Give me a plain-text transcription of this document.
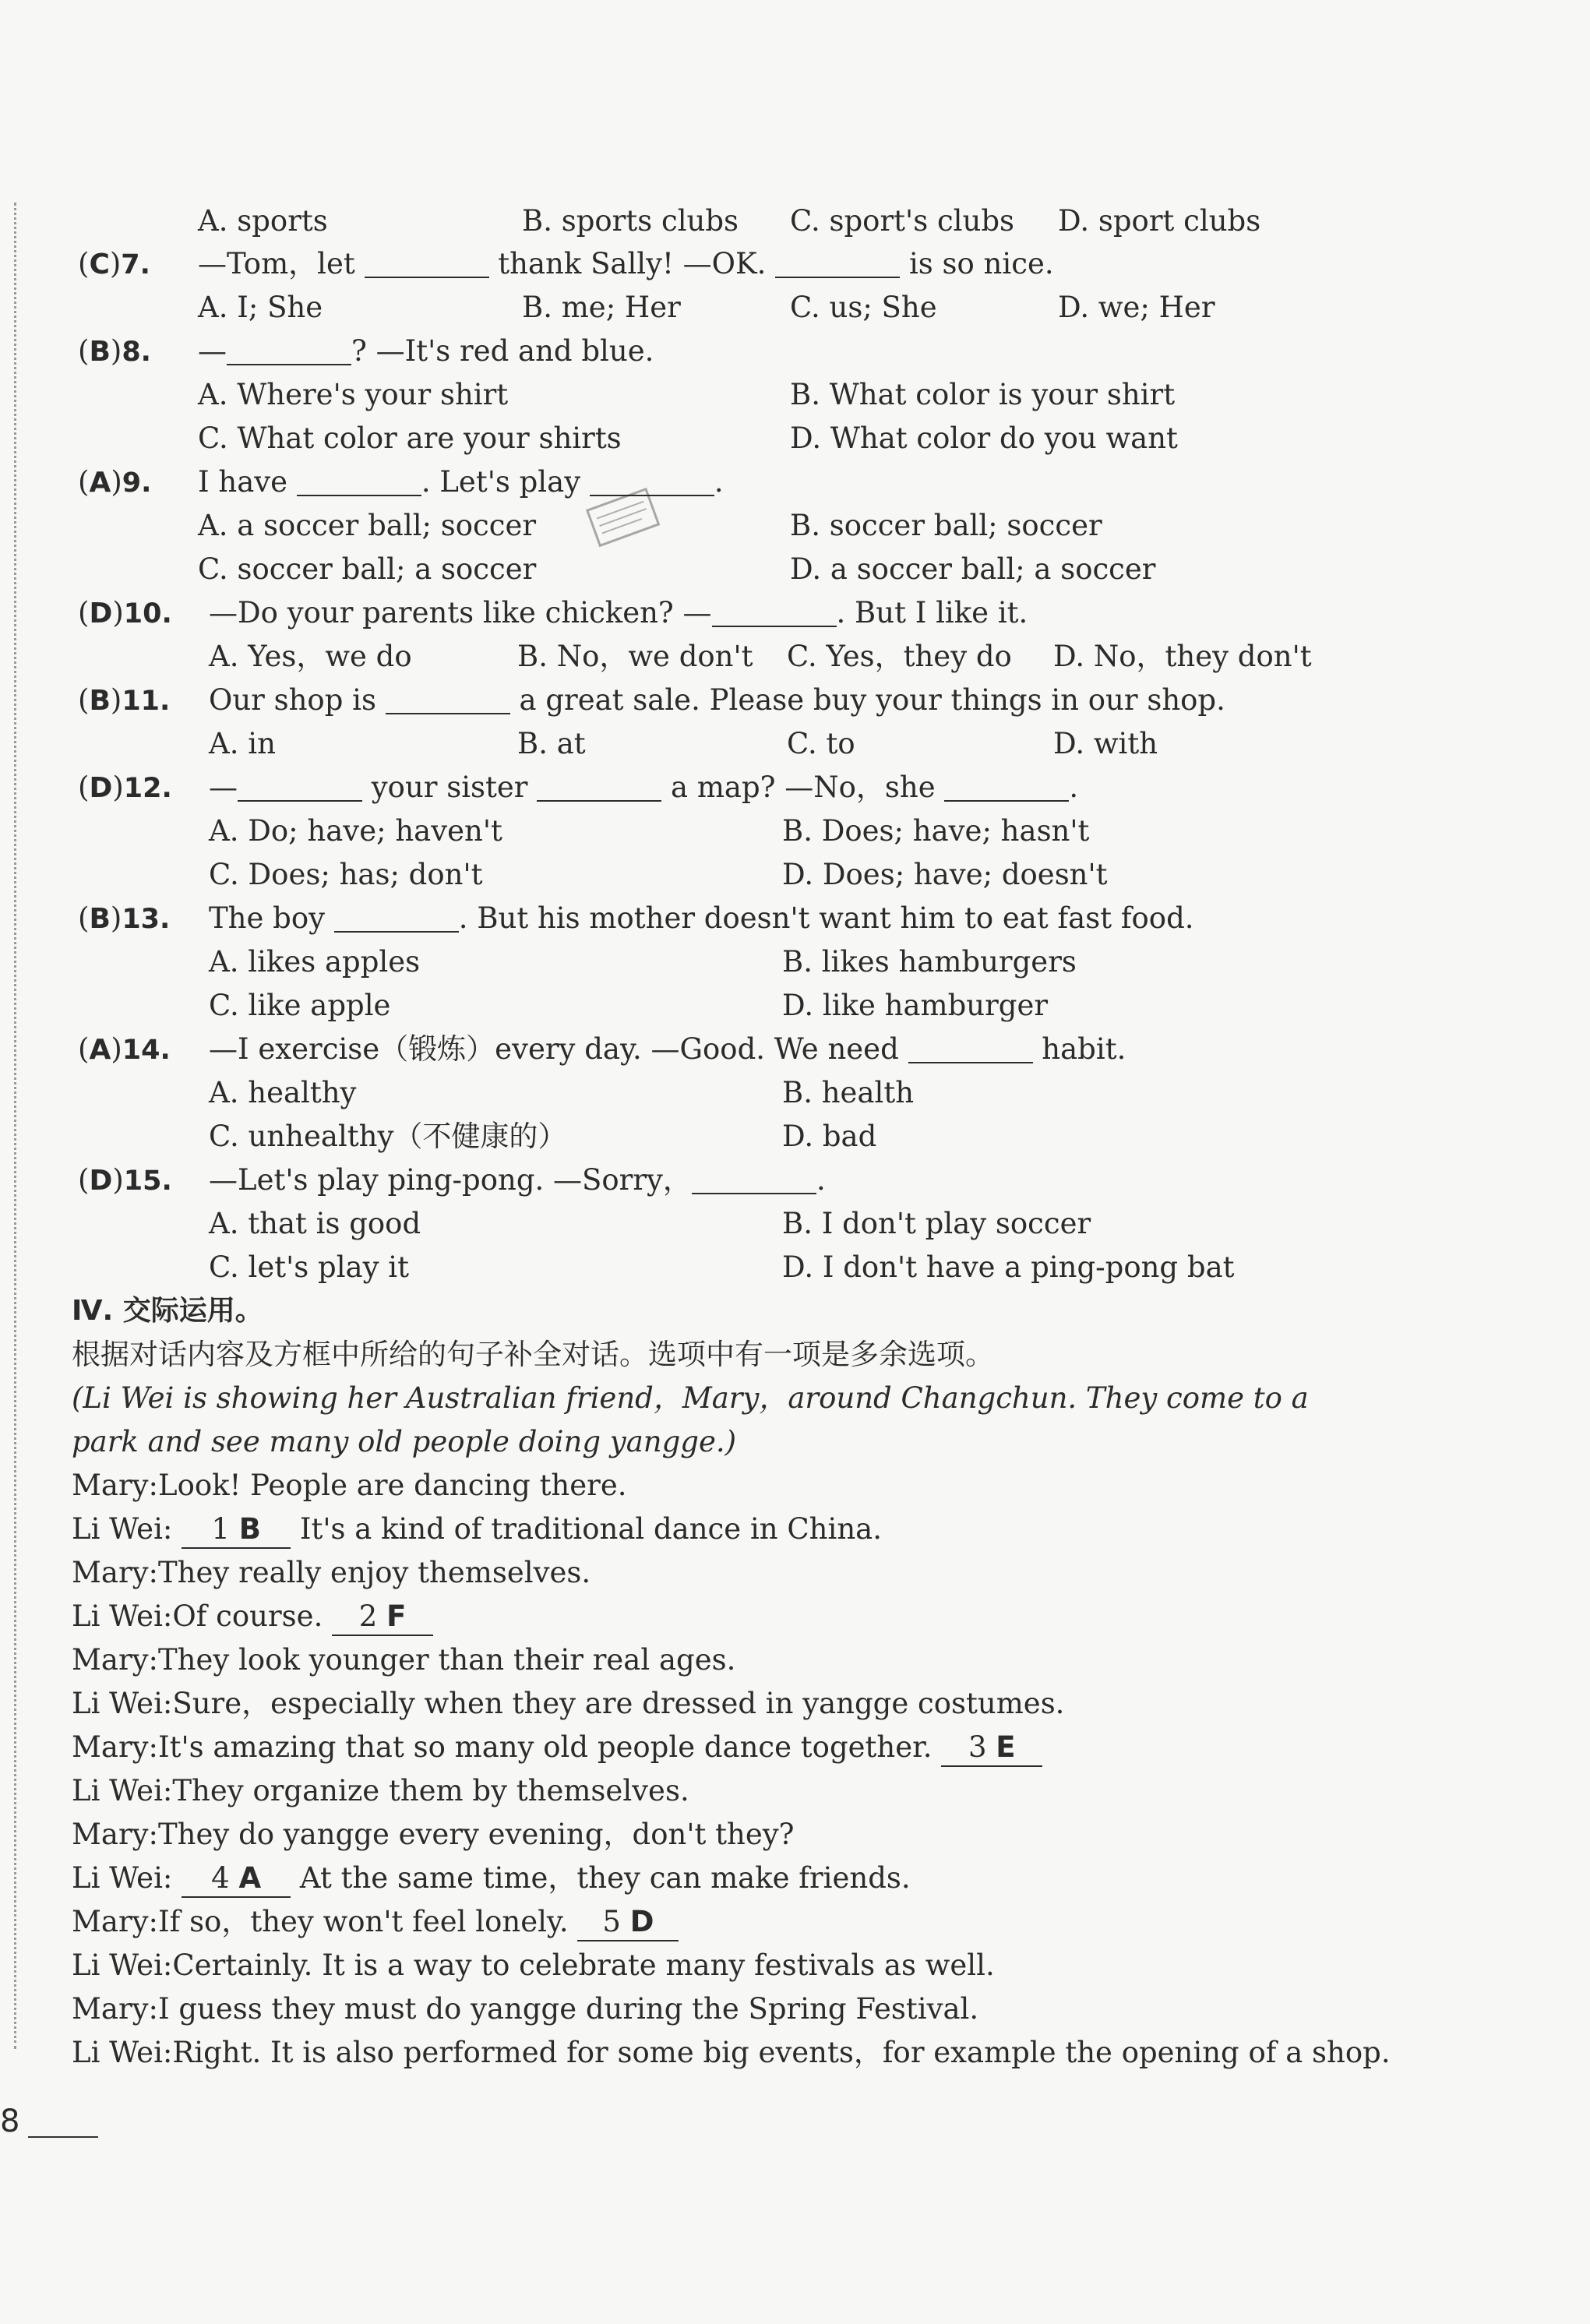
A. sports	B. sports clubs C. sport's clubs D. sport clubs
(C)7. —Tom，let	thank Sally! —OK.	is so nice.
A. I; She	B. me; Her	C. us; She	D. we; Her
(B)8. —	? —It's red and blue.
A. Where's your shirt	B. What color is your shirt
C. What color are your shirts	D. What color do you want
(A)9. I have	. Let's play	.
A. a soccer ball; soccer	B. soccer ball; soccer
C. soccer ball; a soccer	D. a soccer ball; a soccer
(D)10. —Do your parents like chicken? —	. But I like it.
A. Yes，we do	B. No，we don't C. Yes，they do D. No，they don't
(B)11. Our shop is	a great sale. Please buy your things in our shop.
A. in	B. at	C. to	D. with
(D)12. —	your sister	a map? —No，she	.
A. Do; have; haven't	B. Does; have; hasn't
C. Does; has; don't	D. Does; have; doesn't
(B)13. The boy	. But his mother doesn't want him to eat fast food.
A. likes apples	B. likes hamburgers
C. like apple	D. like hamburger
(A)14. —I exercise（锻炼）every day. —Good. We need	habit.
A. healthy	B. health
C. unhealthy（不健康的）	D. bad
(D)15. —Let's play ping-pong. —Sorry，	.
A. that is good	B. I don't play soccer
C. let's play it	D. I don't have a ping-pong bat
Ⅳ. 交际运用。
根据对话内容及方框中所给的句子补全对话。选项中有一项是多余选项。
(Li Wei is showing her Australian friend，Mary，around Changchun. They come to a
park and see many old people doing yangge.)
Mary:Look! People are dancing there.
Li Wei: 1 B It's a kind of traditional dance in China.
Mary:They really enjoy themselves.
Li Wei:Of course. 2 F
Mary:They look younger than their real ages.
Li Wei:Sure，especially when they are dressed in yangge costumes.
Mary:It's amazing that so many old people dance together. 3 E
Li Wei:They organize them by themselves.
Mary:They do yangge every evening，don't they?
Li Wei: 4 A At the same time，they can make friends.
Mary:If so，they won't feel lonely. 5 D
Li Wei:Certainly. It is a way to celebrate many festivals as well.
Mary:I guess they must do yangge during the Spring Festival.
Li Wei:Right. It is also performed for some big events，for example the opening of a shop.
8
